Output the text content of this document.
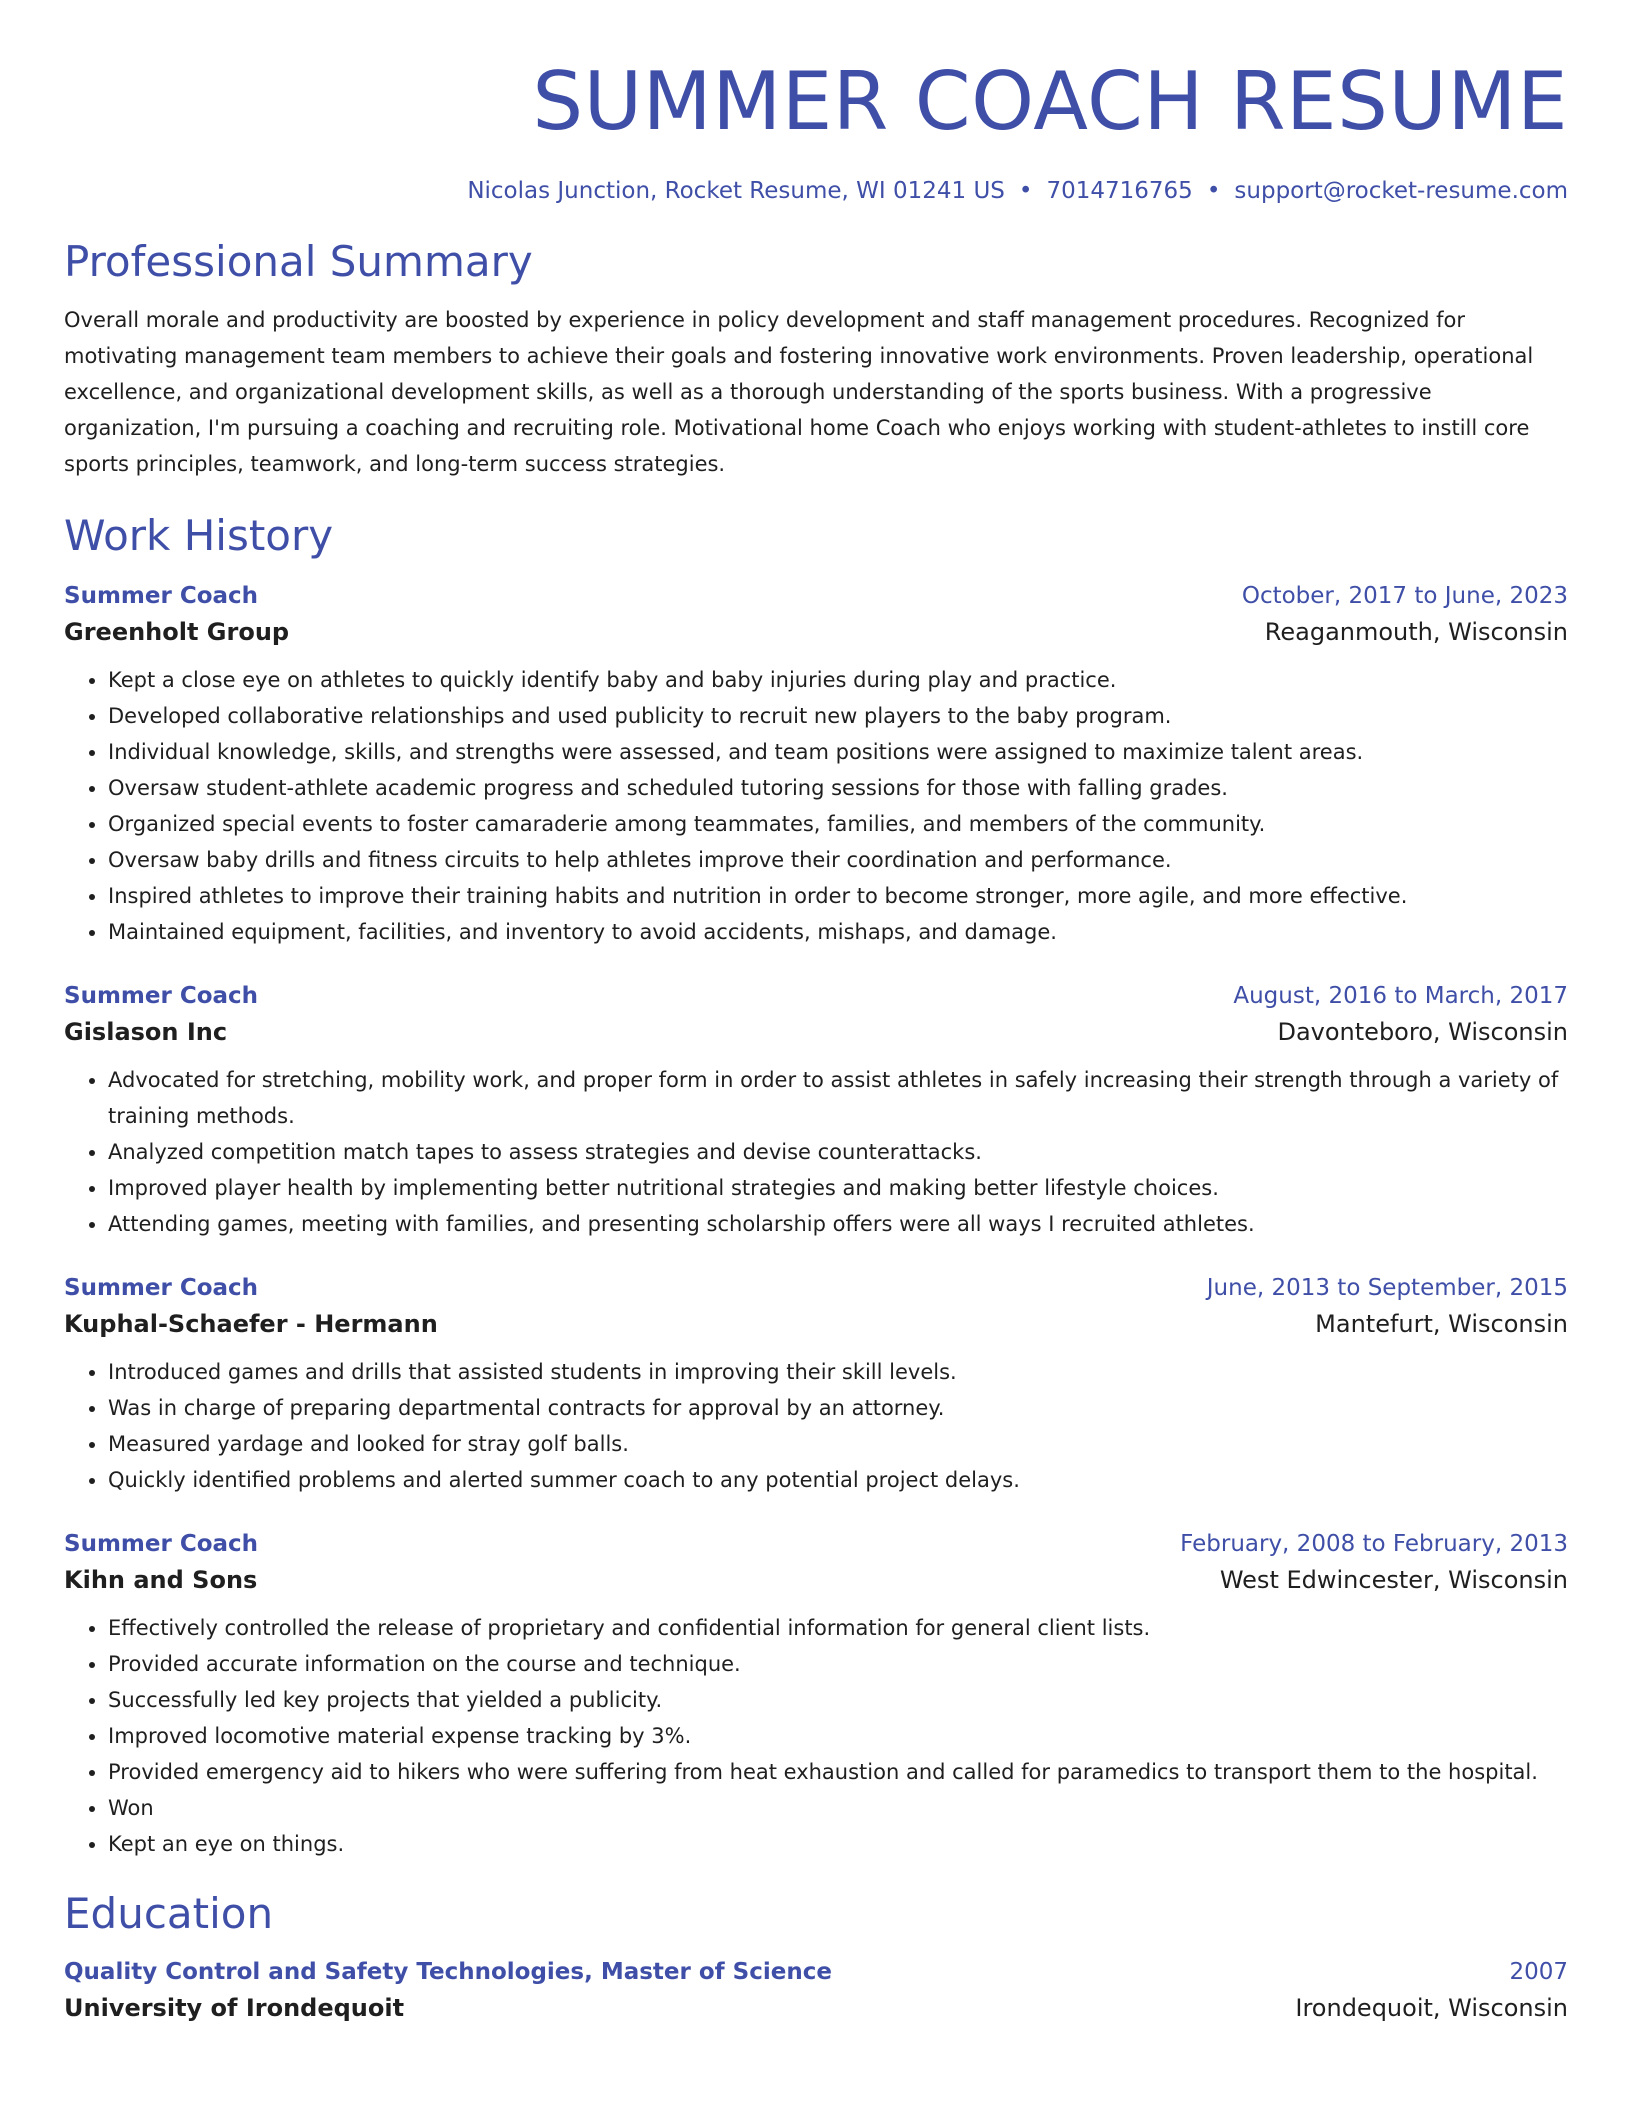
SUMMER COACH RESUME
Nicolas Junction, Rocket Resume, WI 01241 US • 7014716765 • support@rocket-resume.com
Professional Summary
Overall morale and productivity are boosted by experience in policy development and staff management procedures. Recognized for motivating management team members to achieve their goals and fostering innovative work environments. Proven leadership, operational excellence, and organizational development skills, as well as a thorough understanding of the sports business. With a progressive organization, I'm pursuing a coaching and recruiting role. Motivational home Coach who enjoys working with student-athletes to instill core sports principles, teamwork, and long-term success strategies.
Work History
Summer Coach	October, 2017 to June, 2023
Greenholt Group	Reaganmouth, Wisconsin
• Kept a close eye on athletes to quickly identify baby and baby injuries during play and practice.
• Developed collaborative relationships and used publicity to recruit new players to the baby program.
• Individual knowledge, skills, and strengths were assessed, and team positions were assigned to maximize talent areas.
• Oversaw student-athlete academic progress and scheduled tutoring sessions for those with falling grades.
• Organized special events to foster camaraderie among teammates, families, and members of the community.
• Oversaw baby drills and fitness circuits to help athletes improve their coordination and performance.
• Inspired athletes to improve their training habits and nutrition in order to become stronger, more agile, and more effective.
• Maintained equipment, facilities, and inventory to avoid accidents, mishaps, and damage.
Summer Coach	August, 2016 to March, 2017
Gislason Inc	Davonteboro, Wisconsin
• Advocated for stretching, mobility work, and proper form in order to assist athletes in safely increasing their strength through a variety of training methods.
• Analyzed competition match tapes to assess strategies and devise counterattacks.
• Improved player health by implementing better nutritional strategies and making better lifestyle choices.
• Attending games, meeting with families, and presenting scholarship offers were all ways I recruited athletes.
Summer Coach	June, 2013 to September, 2015
Kuphal-Schaefer - Hermann	Mantefurt, Wisconsin
• Introduced games and drills that assisted students in improving their skill levels.
• Was in charge of preparing departmental contracts for approval by an attorney.
• Measured yardage and looked for stray golf balls.
• Quickly identified problems and alerted summer coach to any potential project delays.
Summer Coach	February, 2008 to February, 2013
Kihn and Sons	West Edwincester, Wisconsin
• Effectively controlled the release of proprietary and confidential information for general client lists.
• Provided accurate information on the course and technique.
• Successfully led key projects that yielded a publicity.
• Improved locomotive material expense tracking by 3%.
• Provided emergency aid to hikers who were suffering from heat exhaustion and called for paramedics to transport them to the hospital.
• Won
• Kept an eye on things.
Education
Quality Control and Safety Technologies, Master of Science	2007
University of Irondequoit	Irondequoit, Wisconsin
